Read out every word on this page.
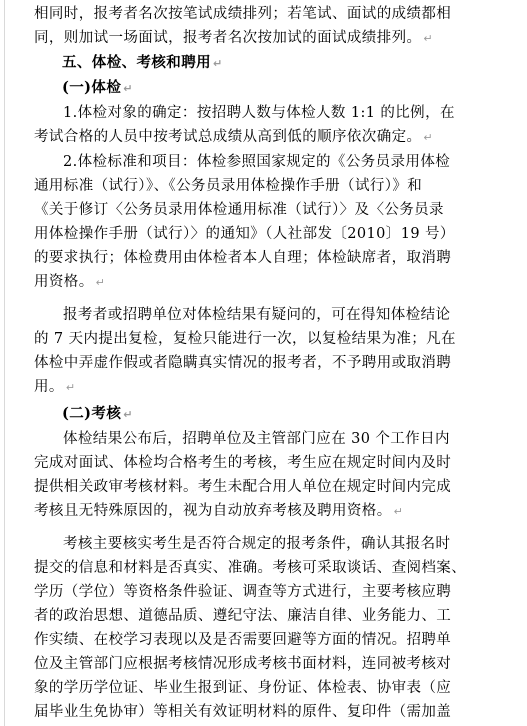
相同时，报考者名次按笔试成绩排列；若笔试、面试的成绩都相
同，则加试一场面试，报考者名次按加试的面试成绩排列。 ↵
五、体检、考核和聘用 ↵
(一)体检 ↵
1.体检对象的确定：按招聘人数与体检人数 1:1 的比例，在
考试合格的人员中按考试总成绩从高到低的顺序依次确定。 ↵
2.体检标准和项目：体检参照国家规定的《公务员录用体检
通用标准（试行）》、《公务员录用体检操作手册（试行）》和
《关于修订〈公务员录用体检通用标准（试行）〉及〈公务员录
用体检操作手册（试行）〉的通知》（人社部发〔2010〕19 号）
的要求执行；体检费用由体检者本人自理；体检缺席者，取消聘
用资格。 ↵
报考者或招聘单位对体检结果有疑问的，可在得知体检结论
的 7 天内提出复检，复检只能进行一次，以复检结果为准；凡在
体检中弄虚作假或者隐瞒真实情况的报考者，不予聘用或取消聘
用。 ↵
(二)考核 ↵
体检结果公布后，招聘单位及主管部门应在 30 个工作日内
完成对面试、体检均合格考生的考核，考生应在规定时间内及时
提供相关政审考核材料。考生未配合用人单位在规定时间内完成
考核且无特殊原因的，视为自动放弃考核及聘用资格。 ↵
考核主要核实考生是否符合规定的报考条件，确认其报名时
提交的信息和材料是否真实、准确。考核可采取谈话、查阅档案、
学历（学位）等资格条件验证、调查等方式进行，主要考核应聘
者的政治思想、道德品质、遵纪守法、廉洁自律、业务能力、工
作实绩、在校学习表现以及是否需要回避等方面的情况。招聘单
位及主管部门应根据考核情况形成考核书面材料，连同被考核对
象的学历学位证、毕业生报到证、身份证、体检表、协审表（应
届毕业生免协审）等相关有效证明材料的原件、复印件（需加盖
